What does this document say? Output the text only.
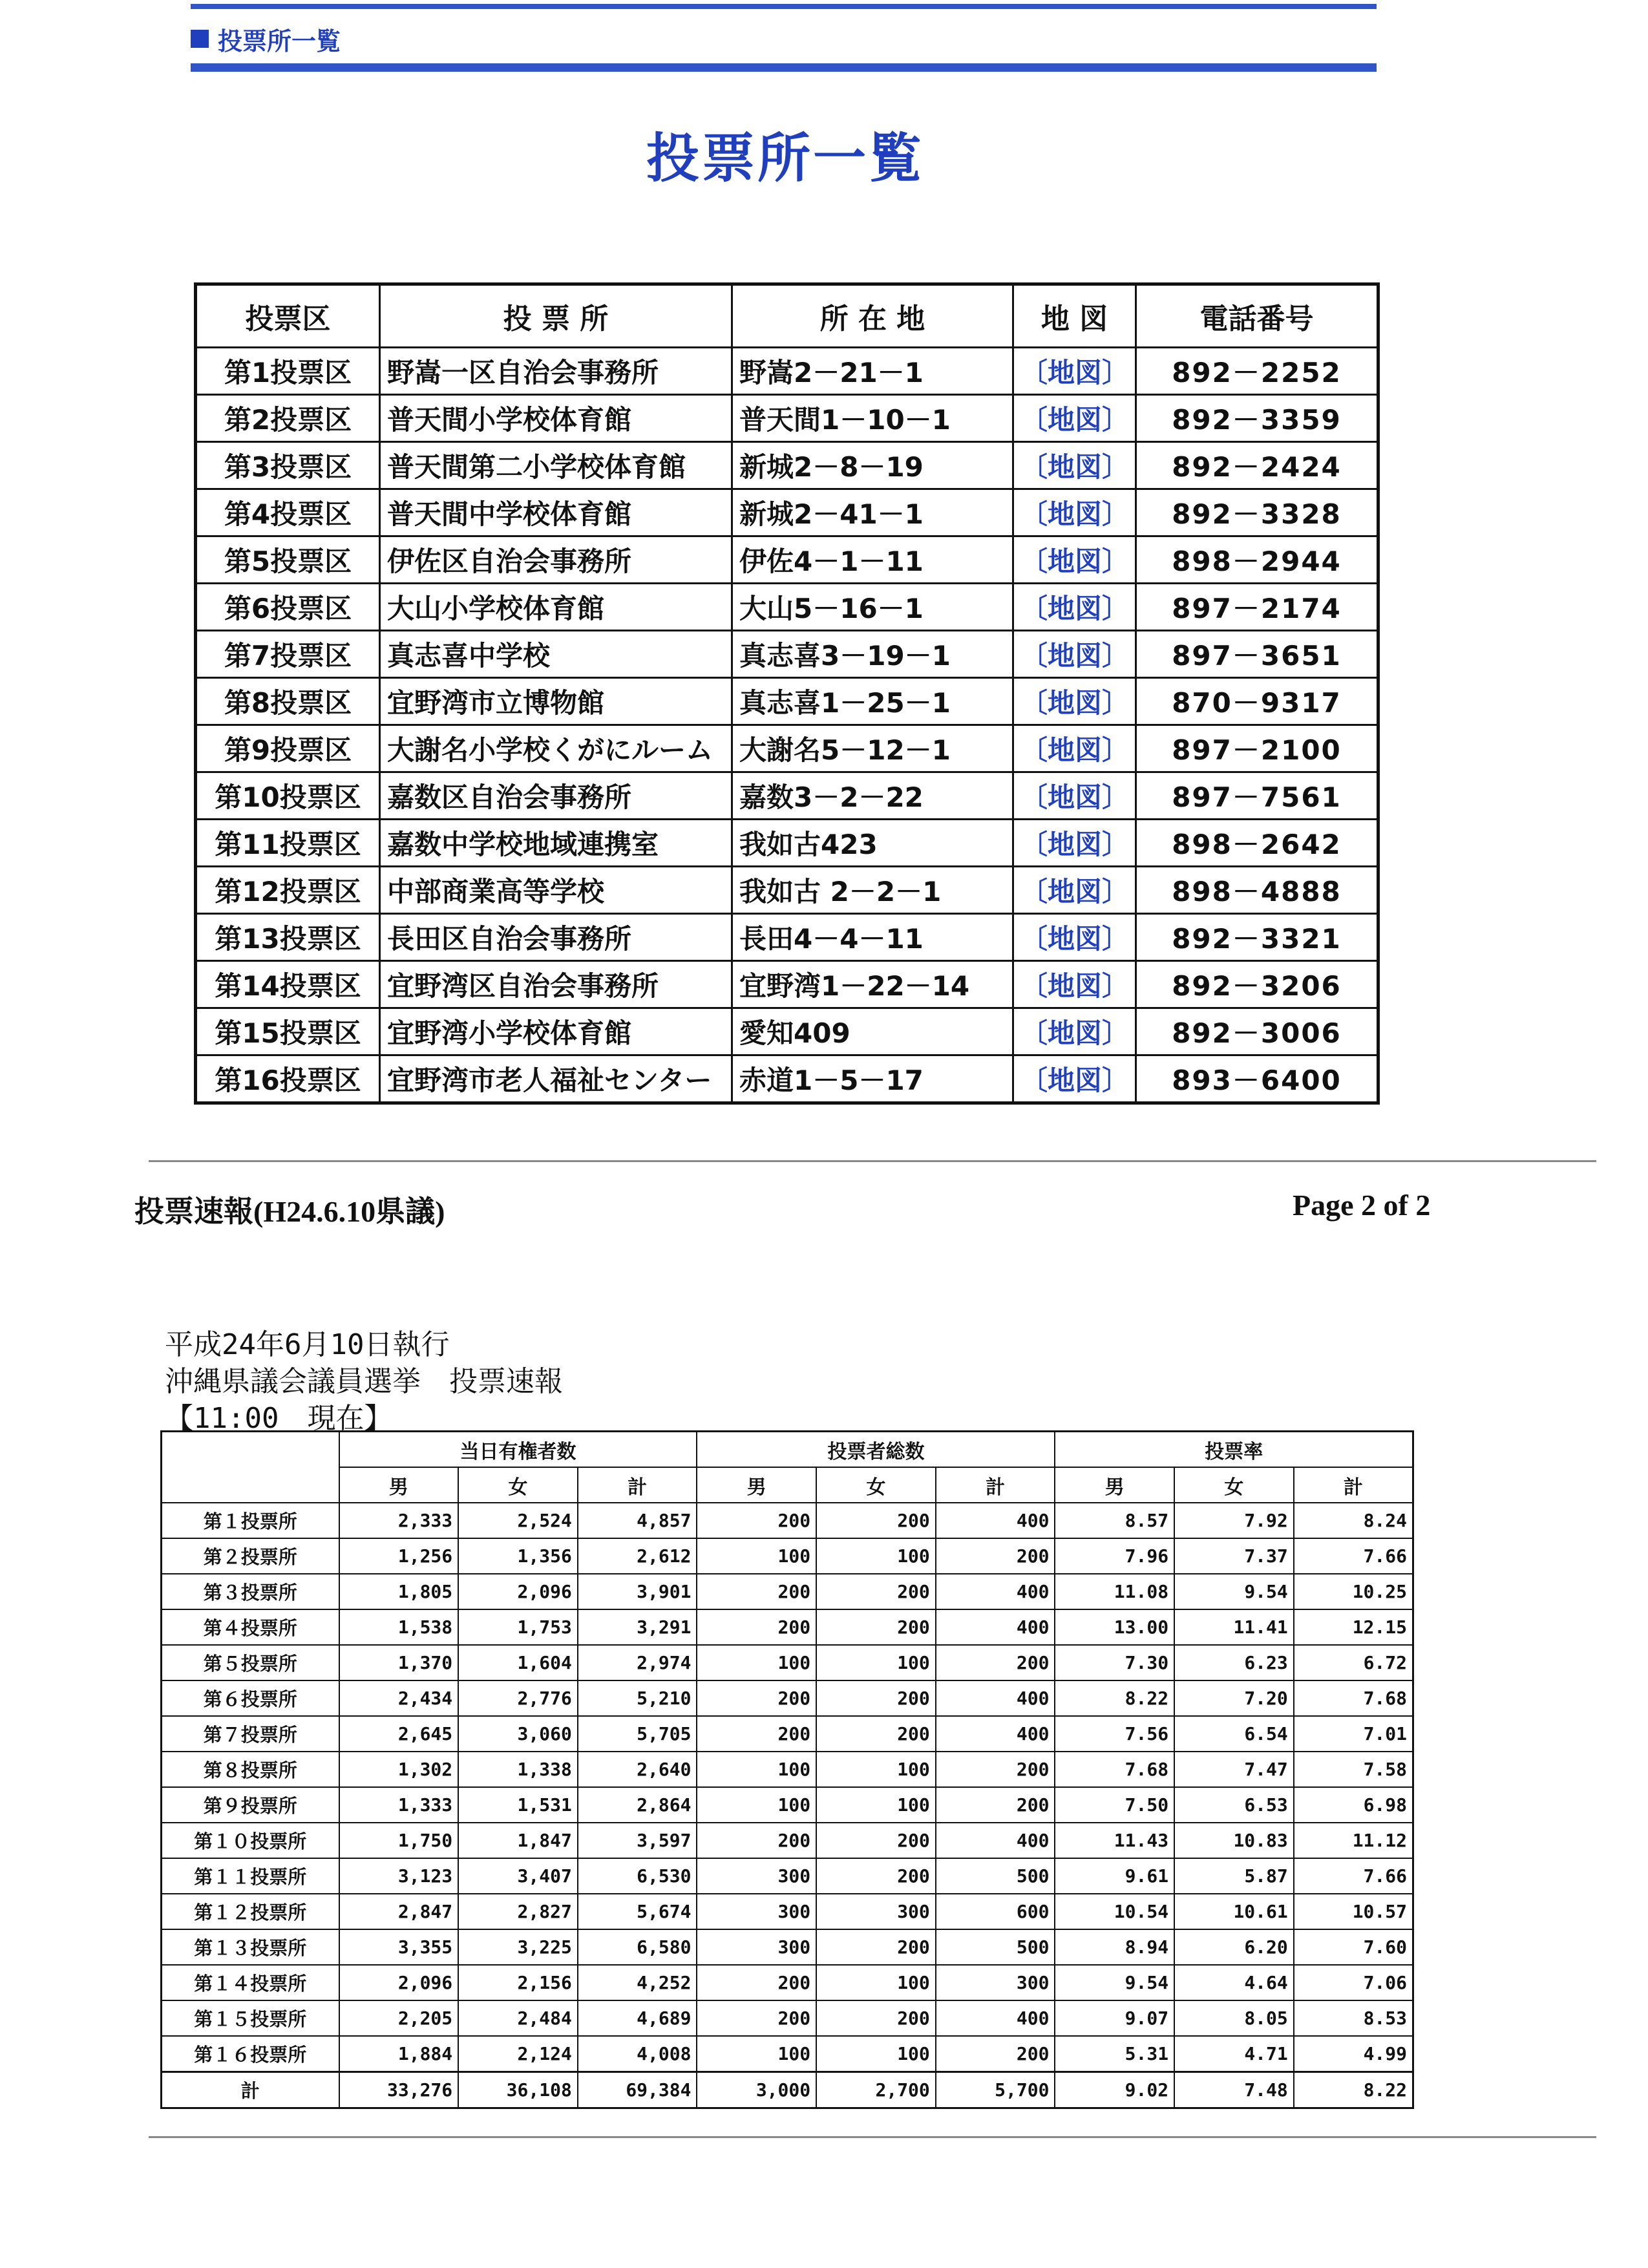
投票所一覧
投票所一覧
投票区	投 票 所	所 在 地	地 図	電話番号
第1投票区	野嵩一区自治会事務所	野嵩2－21－1	〔地図〕	892－2252
第2投票区	普天間小学校体育館	普天間1－10－1	〔地図〕	892－3359
第3投票区	普天間第二小学校体育館	新城2－8－19	〔地図〕	892－2424
第4投票区	普天間中学校体育館	新城2－41－1	〔地図〕	892－3328
第5投票区	伊佐区自治会事務所	伊佐4－1－11	〔地図〕	898－2944
第6投票区	大山小学校体育館	大山5－16－1	〔地図〕	897－2174
第7投票区	真志喜中学校	真志喜3－19－1	〔地図〕	897－3651
第8投票区	宜野湾市立博物館	真志喜1－25－1	〔地図〕	870－9317
第9投票区	大謝名小学校くがにルーム	大謝名5－12－1	〔地図〕	897－2100
第10投票区	嘉数区自治会事務所	嘉数3－2－22	〔地図〕	897－7561
第11投票区	嘉数中学校地域連携室	我如古423	〔地図〕	898－2642
第12投票区	中部商業高等学校	我如古 2－2－1	〔地図〕	898－4888
第13投票区	長田区自治会事務所	長田4－4－11	〔地図〕	892－3321
第14投票区	宜野湾区自治会事務所	宜野湾1－22－14	〔地図〕	892－3206
第15投票区	宜野湾小学校体育館	愛知409	〔地図〕	892－3006
第16投票区	宜野湾市老人福祉センター	赤道1－5－17	〔地図〕	893－6400
投票速報(H24.6.10県議)	Page 2 of 2
平成24年6月10日執行
沖縄県議会議員選挙　投票速報
【11:00　現在】
	当日有権者数			投票者総数			投票率		
	男	女	計	男	女	計	男	女	計
第１投票所	2,333	2,524	4,857	200	200	400	8.57	7.92	8.24
第２投票所	1,256	1,356	2,612	100	100	200	7.96	7.37	7.66
第３投票所	1,805	2,096	3,901	200	200	400	11.08	9.54	10.25
第４投票所	1,538	1,753	3,291	200	200	400	13.00	11.41	12.15
第５投票所	1,370	1,604	2,974	100	100	200	7.30	6.23	6.72
第６投票所	2,434	2,776	5,210	200	200	400	8.22	7.20	7.68
第７投票所	2,645	3,060	5,705	200	200	400	7.56	6.54	7.01
第８投票所	1,302	1,338	2,640	100	100	200	7.68	7.47	7.58
第９投票所	1,333	1,531	2,864	100	100	200	7.50	6.53	6.98
第１０投票所	1,750	1,847	3,597	200	200	400	11.43	10.83	11.12
第１１投票所	3,123	3,407	6,530	300	200	500	9.61	5.87	7.66
第１２投票所	2,847	2,827	5,674	300	300	600	10.54	10.61	10.57
第１３投票所	3,355	3,225	6,580	300	200	500	8.94	6.20	7.60
第１４投票所	2,096	2,156	4,252	200	100	300	9.54	4.64	7.06
第１５投票所	2,205	2,484	4,689	200	200	400	9.07	8.05	8.53
第１６投票所	1,884	2,124	4,008	100	100	200	5.31	4.71	4.99
計	33,276	36,108	69,384	3,000	2,700	5,700	9.02	7.48	8.22
